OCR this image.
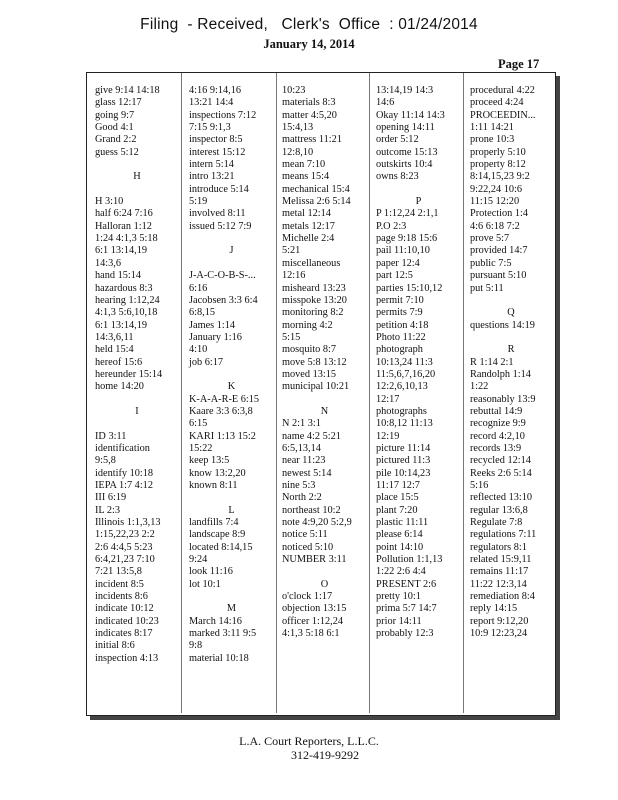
Filing  - Received,   Clerk's  Office  : 01/24/2014
January 14, 2014
Page 17
give 9:14 14:18
glass 12:17
going 9:7
Good 4:1
Grand 2:2
guess 5:12
H
H 3:10
half 6:24 7:16
Halloran 1:12
1:24 4:1,3 5:18
6:1 13:14,19
14:3,6
hand 15:14
hazardous 8:3
hearing 1:12,24
4:1,3 5:6,10,18
6:1 13:14,19
14:3,6,11
held 15:4
hereof 15:6
hereunder 15:14
home 14:20
I
ID 3:11
identification
9:5,8
identify 10:18
IEPA 1:7 4:12
III 6:19
IL 2:3
Illinois 1:1,3,13
1:15,22,23 2:2
2:6 4:4,5 5:23
6:4,21,23 7:10
7:21 13:5,8
incident 8:5
incidents 8:6
indicate 10:12
indicated 10:23
indicates 8:17
initial 8:6
inspection 4:13
4:16 9:14,16
13:21 14:4
inspections 7:12
7:15 9:1,3
inspector 8:5
interest 15:12
intern 5:14
intro 13:21
introduce 5:14
5:19
involved 8:11
issued 5:12 7:9
J
J-A-C-O-B-S-...
6:16
Jacobsen 3:3 6:4
6:8,15
James 1:14
January 1:16
4:10
job 6:17
K
K-A-A-R-E 6:15
Kaare 3:3 6:3,8
6:15
KARI 1:13 15:2
15:22
keep 13:5
know 13:2,20
known 8:11
L
landfills 7:4
landscape 8:9
located 8:14,15
9:24
look 11:16
lot 10:1
M
March 14:16
marked 3:11 9:5
9:8
material 10:18
10:23
materials 8:3
matter 4:5,20
15:4,13
mattress 11:21
12:8,10
mean 7:10
means 15:4
mechanical 15:4
Melissa 2:6 5:14
metal 12:14
metals 12:17
Michelle 2:4
5:21
miscellaneous
12:16
misheard 13:23
misspoke 13:20
monitoring 8:2
morning 4:2
5:15
mosquito 8:7
move 5:8 13:12
moved 13:15
municipal 10:21
N
N 2:1 3:1
name 4:2 5:21
6:5,13,14
near 11:23
newest 5:14
nine 5:3
North 2:2
northeast 10:2
note 4:9,20 5:2,9
notice 5:11
noticed 5:10
NUMBER 3:11
O
o'clock 1:17
objection 13:15
officer 1:12,24
4:1,3 5:18 6:1
13:14,19 14:3
14:6
Okay 11:14 14:3
opening 14:11
order 5:12
outcome 15:13
outskirts 10:4
owns 8:23
P
P 1:12,24 2:1,1
P.O 2:3
page 9:18 15:6
pail 11:10,10
paper 12:4
part 12:5
parties 15:10,12
permit 7:10
permits 7:9
petition 4:18
Photo 11:22
photograph
10:13,24 11:3
11:5,6,7,16,20
12:2,6,10,13
12:17
photographs
10:8,12 11:13
12:19
picture 11:14
pictured 11:3
pile 10:14,23
11:17 12:7
place 15:5
plant 7:20
plastic 11:11
please 6:14
point 14:10
Pollution 1:1,13
1:22 2:6 4:4
PRESENT 2:6
pretty 10:1
prima 5:7 14:7
prior 14:11
probably 12:3
procedural 4:22
proceed 4:24
PROCEEDIN...
1:11 14:21
prone 10:3
properly 5:10
property 8:12
8:14,15,23 9:2
9:22,24 10:6
11:15 12:20
Protection 1:4
4:6 6:18 7:2
prove 5:7
provided 14:7
public 7:5
pursuant 5:10
put 5:11
Q
questions 14:19
R
R 1:14 2:1
Randolph 1:14
1:22
reasonably 13:9
rebuttal 14:9
recognize 9:9
record 4:2,10
records 13:9
recycled 12:14
Reeks 2:6 5:14
5:16
reflected 13:10
regular 13:6,8
Regulate 7:8
regulations 7:11
regulators 8:1
related 15:9,11
remains 11:17
11:22 12:3,14
remediation 8:4
reply 14:15
report 9:12,20
10:9 12:23,24
L.A. Court Reporters, L.L.C.
312-419-9292
